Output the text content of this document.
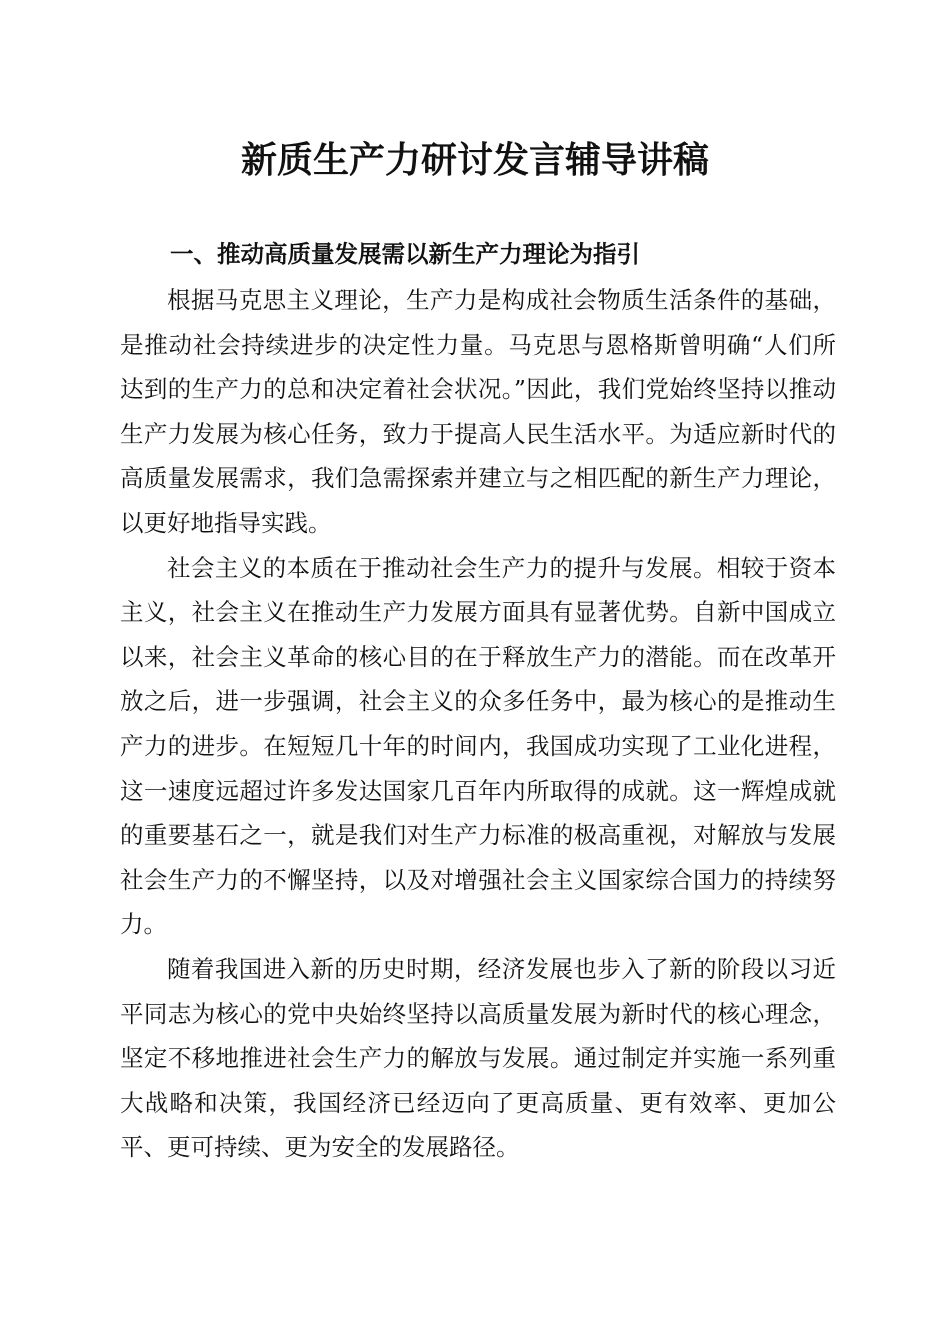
新质生产力研讨发言辅导讲稿
一、推动高质量发展需以新生产力理论为指引

根据马克思主义理论，生产力是构成社会物质生活条件的基础，是推动社会持续进步的决定性力量。马克思与恩格斯曾明确“人们所达到的生产力的总和决定着社会状况。”因此，我们党始终坚持以推动生产力发展为核心任务，致力于提高人民生活水平。为适应新时代的高质量发展需求，我们急需探索并建立与之相匹配的新生产力理论，以更好地指导实践。

社会主义的本质在于推动社会生产力的提升与发展。相较于资本主义，社会主义在推动生产力发展方面具有显著优势。自新中国成立以来，社会主义革命的核心目的在于释放生产力的潜能。而在改革开放之后，进一步强调，社会主义的众多任务中，最为核心的是推动生产力的进步。在短短几十年的时间内，我国成功实现了工业化进程，这一速度远超过许多发达国家几百年内所取得的成就。这一辉煌成就的重要基石之一，就是我们对生产力标准的极高重视，对解放与发展社会生产力的不懈坚持，以及对增强社会主义国家综合国力的持续努力。

随着我国进入新的历史时期，经济发展也步入了新的阶段以习近平同志为核心的党中央始终坚持以高质量发展为新时代的核心理念，坚定不移地推进社会生产力的解放与发展。通过制定并实施一系列重大战略和决策，我国经济已经迈向了更高质量、更有效率、更加公平、更可持续、更为安全的发展路径。
